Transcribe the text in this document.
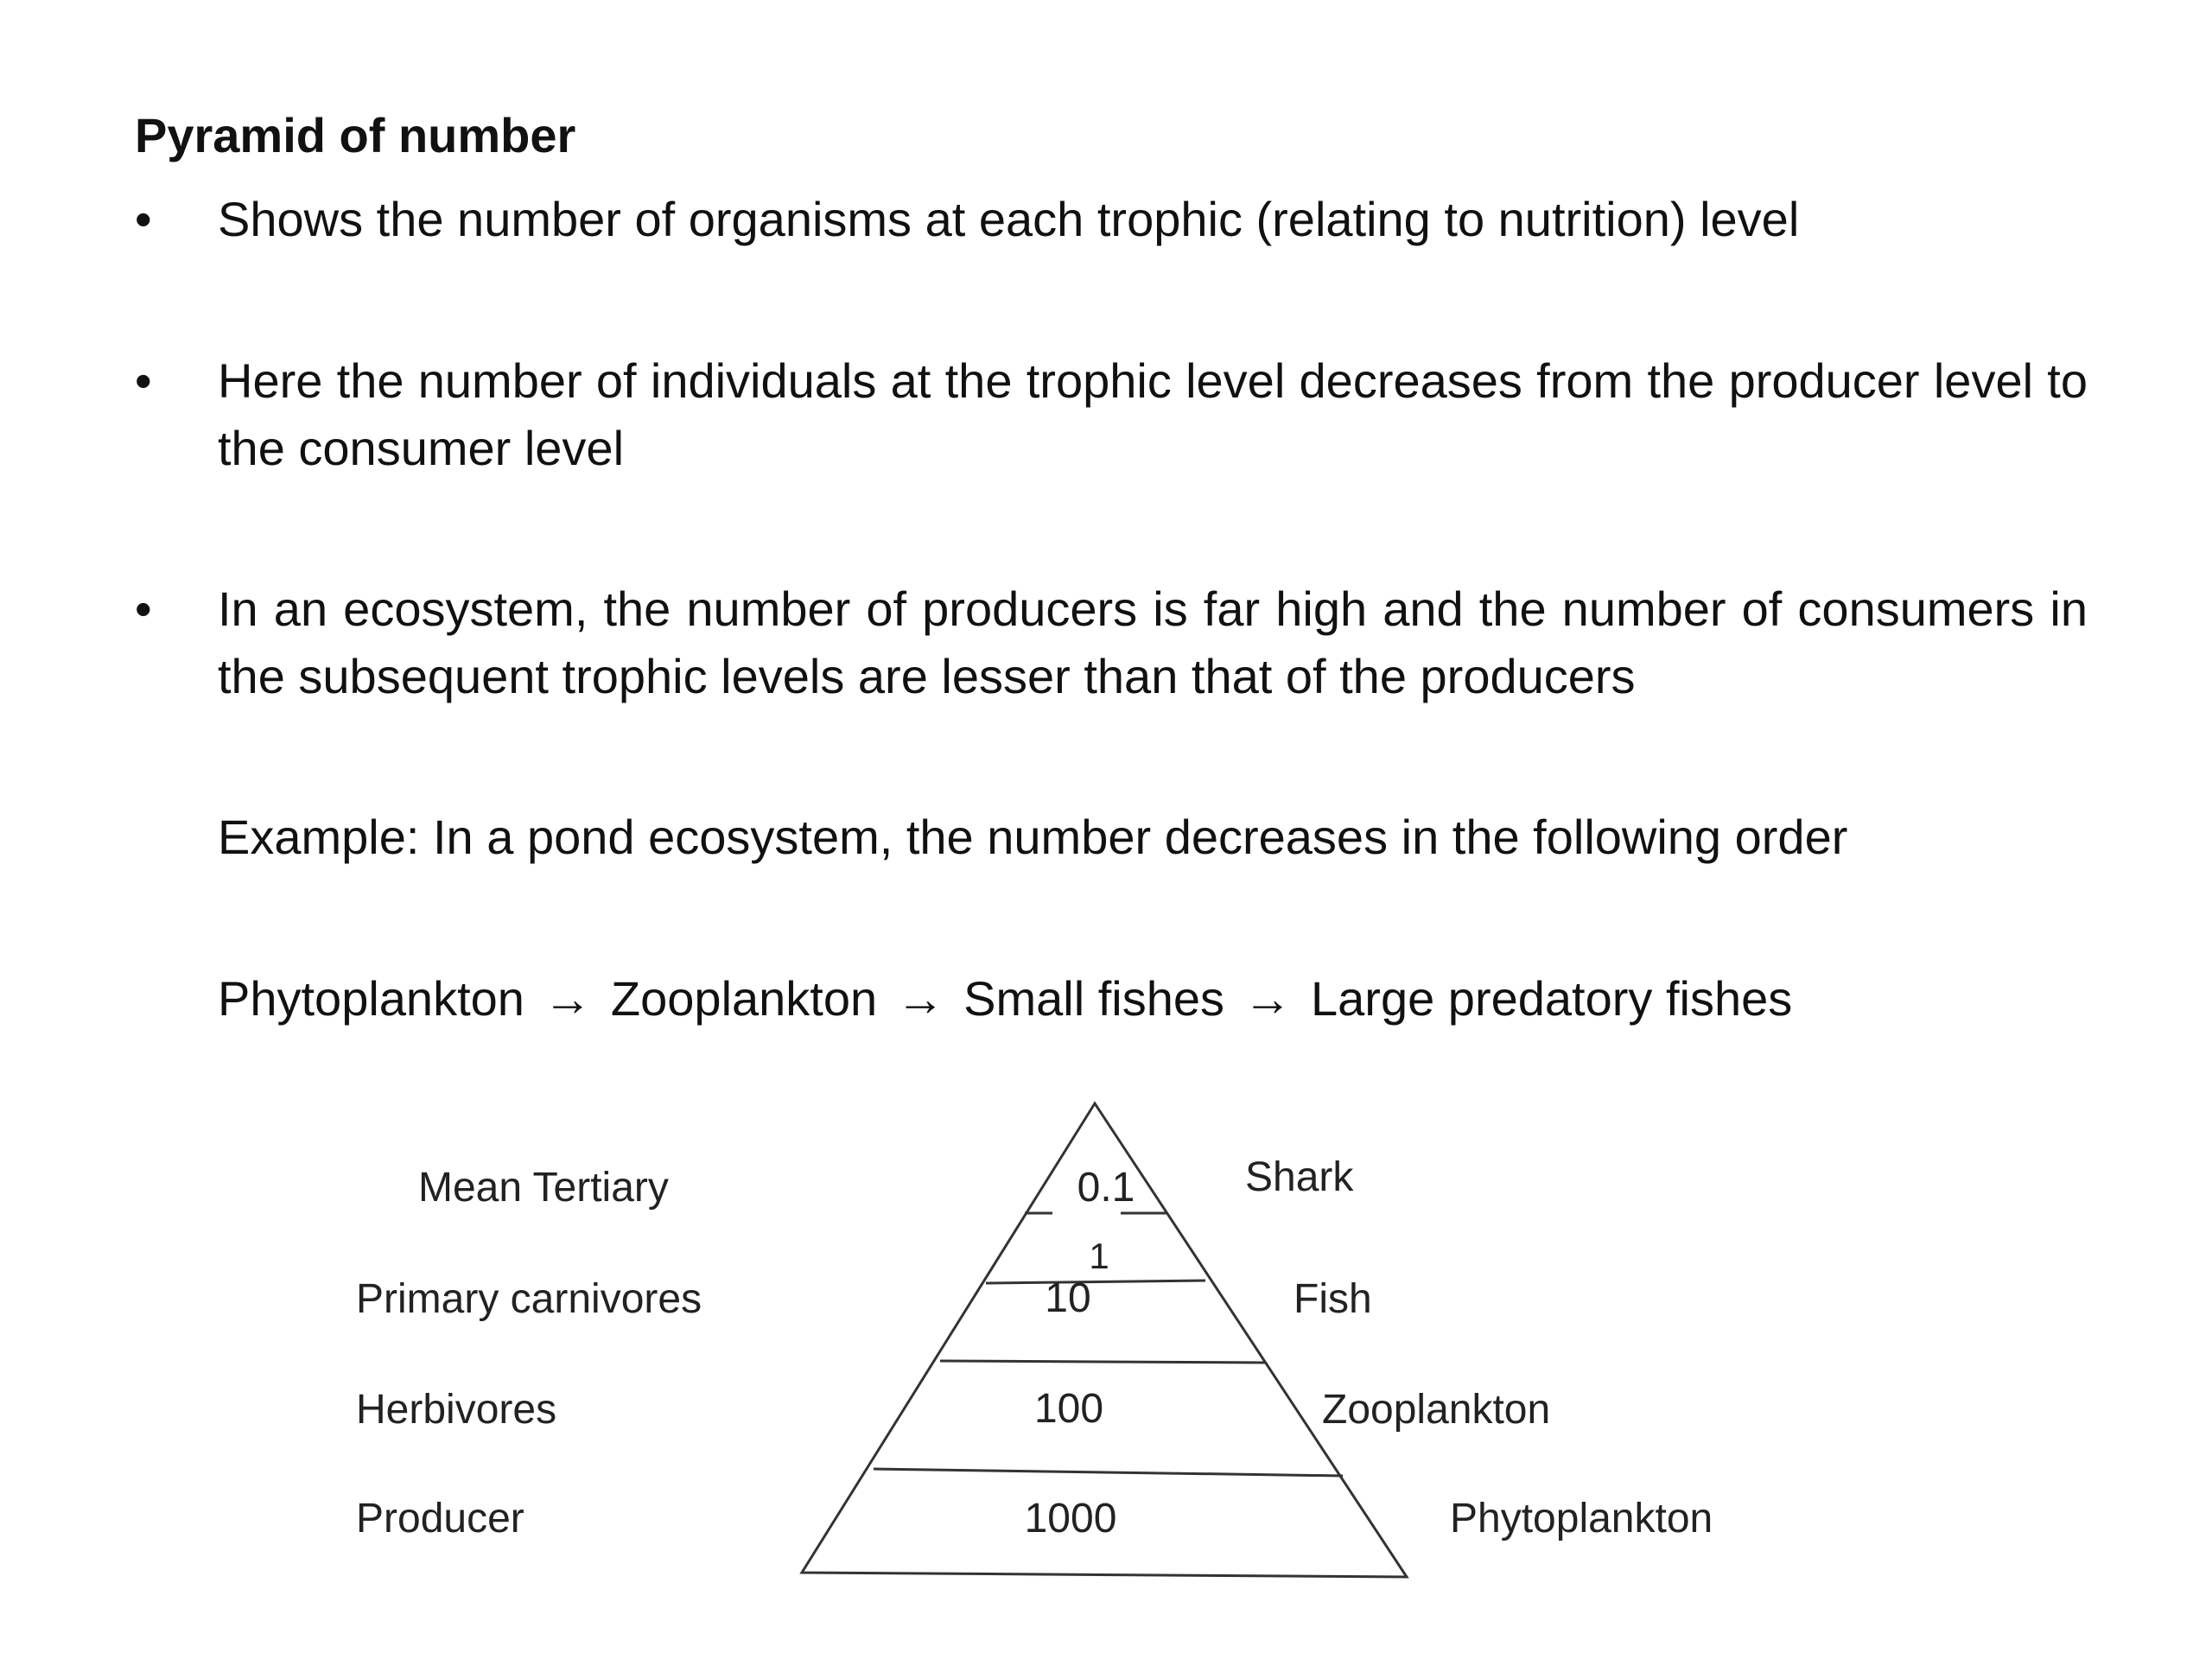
Pyramid of number
•	Shows the number of organisms at each trophic (relating to nutrition) level
•	Here the number of individuals at the trophic level decreases from the producer level to the consumer level
•	In an ecosystem, the number of producers is far high and the number of consumers in the subsequent trophic levels are lesser than that of the producers
Example: In a pond ecosystem, the number decreases in the following order
Phytoplankton → Zooplankton → Small fishes → Large predatory fishes
Mean Tertiary
Primary carnivores
Herbivores
Producer
0.1
1
10
100
1000
Shark
Fish
Zooplankton
Phytoplankton
